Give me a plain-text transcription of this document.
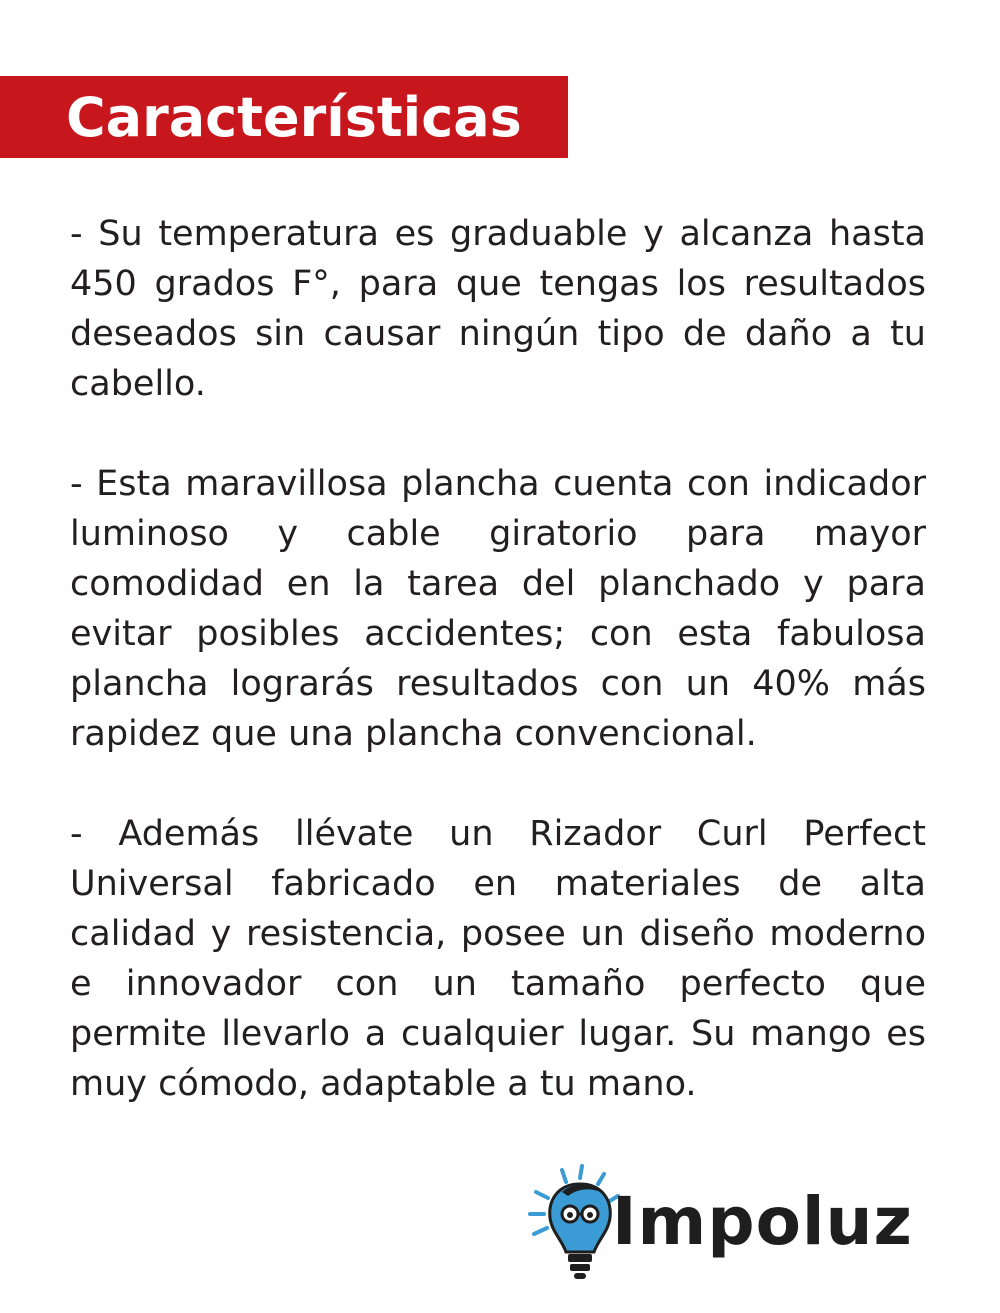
Características

- Su temperatura es graduable y alcanza hasta 450 grados F°, para que tengas los resultados deseados sin causar ningún tipo de daño a tu cabello.

- Esta maravillosa plancha cuenta con indicador luminoso y cable giratorio para mayor comodidad en la tarea del planchado y para evitar posibles accidentes; con esta fabulosa plancha lograrás resultados con un 40% más rapidez que una plancha convencional.

- Además llévate un Rizador Curl Perfect Universal fabricado en materiales de alta calidad y resistencia, posee un diseño moderno e innovador con un tamaño perfecto que permite llevarlo a cualquier lugar. Su mango es muy cómodo, adaptable a tu mano.

Impoluz
